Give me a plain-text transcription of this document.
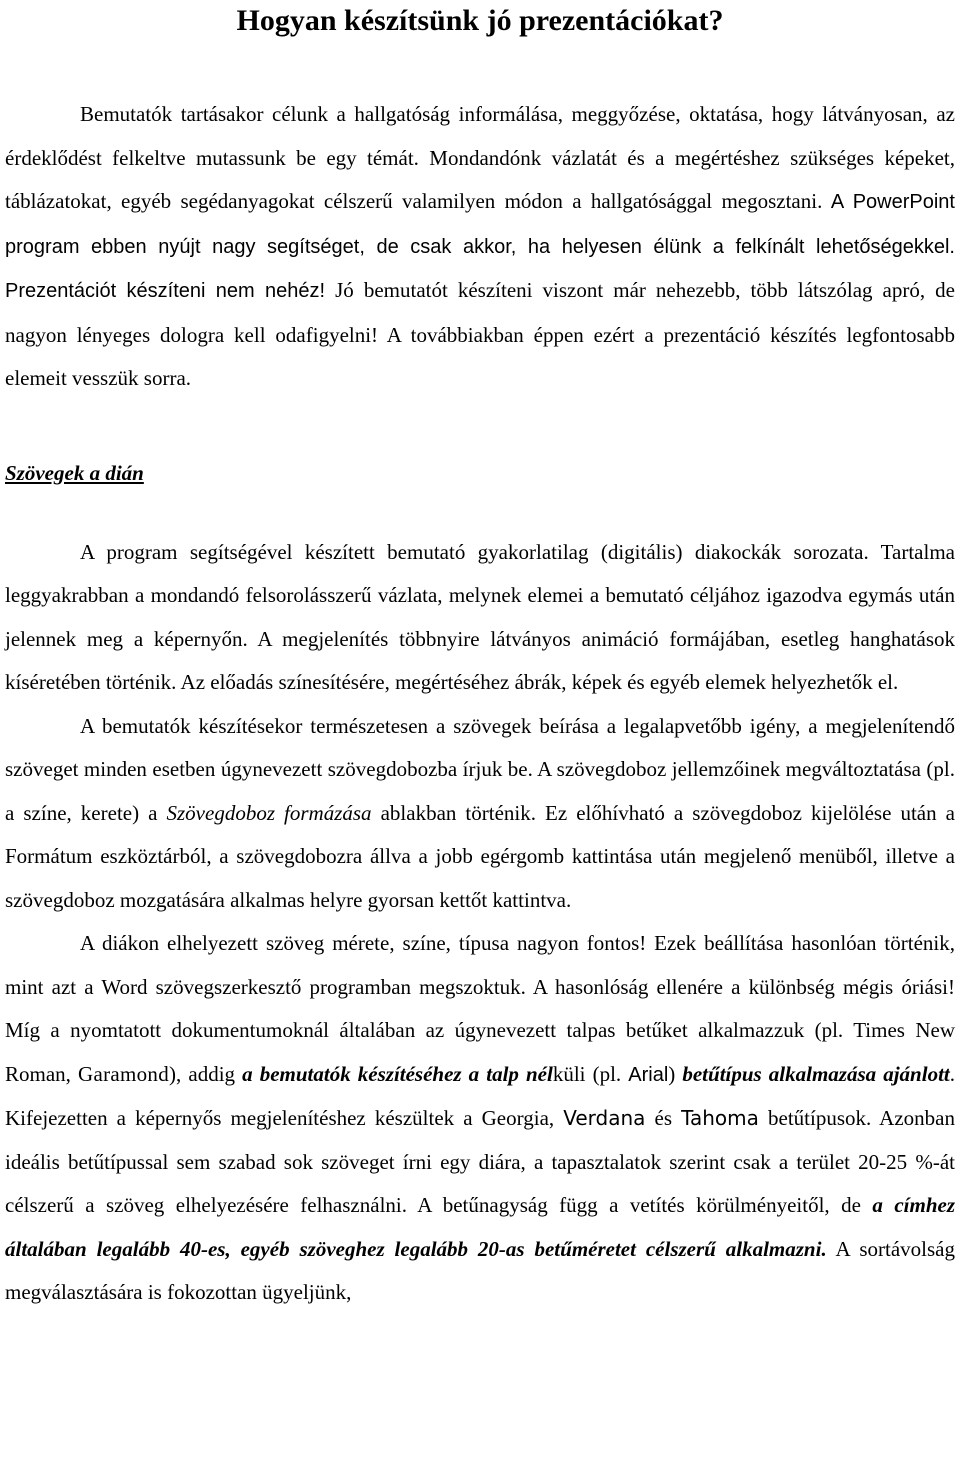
Hogyan készítsünk jó prezentációkat?

Bemutatók tartásakor célunk a hallgatóság informálása, meggyőzése, oktatása, hogy látványosan, az érdeklődést felkeltve mutassunk be egy témát. Mondandónk vázlatát és a megértéshez szükséges képeket, táblázatokat, egyéb segédanyagokat célszerű valamilyen módon a hallgatósággal megosztani. A PowerPoint program ebben nyújt nagy segítséget, de csak akkor, ha helyesen élünk a felkínált lehetőségekkel. Prezentációt készíteni nem nehéz! Jó bemutatót készíteni viszont már nehezebb, több látszólag apró, de nagyon lényeges dologra kell odafigyelni! A továbbiakban éppen ezért a prezentáció készítés legfontosabb elemeit vesszük sorra.

Szövegek a dián

A program segítségével készített bemutató gyakorlatilag (digitális) diakockák sorozata. Tartalma leggyakrabban a mondandó felsorolásszerű vázlata, melynek elemei a bemutató céljához igazodva egymás után jelennek meg a képernyőn. A megjelenítés többnyire látványos animáció formájában, esetleg hanghatások kíséretében történik. Az előadás színesítésére, megértéséhez ábrák, képek és egyéb elemek helyezhetők el.

A bemutatók készítésekor természetesen a szövegek beírása a legalapvetőbb igény, a megjelenítendő szöveget minden esetben úgynevezett szövegdobozba írjuk be. A szövegdoboz jellemzőinek megváltoztatása (pl. a színe, kerete) a Szövegdoboz formázása ablakban történik. Ez előhívható a szövegdoboz kijelölése után a Formátum eszköztárból, a szövegdobozra állva a jobb egérgomb kattintása után megjelenő menüből, illetve a szövegdoboz mozgatására alkalmas helyre gyorsan kettőt kattintva.

A diákon elhelyezett szöveg mérete, színe, típusa nagyon fontos! Ezek beállítása hasonlóan történik, mint azt a Word szövegszerkesztő programban megszoktuk. A hasonlóság ellenére a különbség mégis óriási! Míg a nyomtatott dokumentumoknál általában az úgynevezett talpas betűket alkalmazzuk (pl. Times New Roman, Garamond), addig a bemutatók készítéséhez a talp nélküli (pl. Arial) betűtípus alkalmazása ajánlott. Kifejezetten a képernyős megjelenítéshez készültek a Georgia, Verdana és Tahoma betűtípusok. Azonban ideális betűtípussal sem szabad sok szöveget írni egy diára, a tapasztalatok szerint csak a terület 20-25 %-át célszerű a szöveg elhelyezésére felhasználni. A betűnagyság függ a vetítés körülményeitől, de a címhez általában legalább 40-es, egyéb szöveghez legalább 20-as betűméretet célszerű alkalmazni. A sortávolság megválasztására is fokozottan ügyeljünk,
